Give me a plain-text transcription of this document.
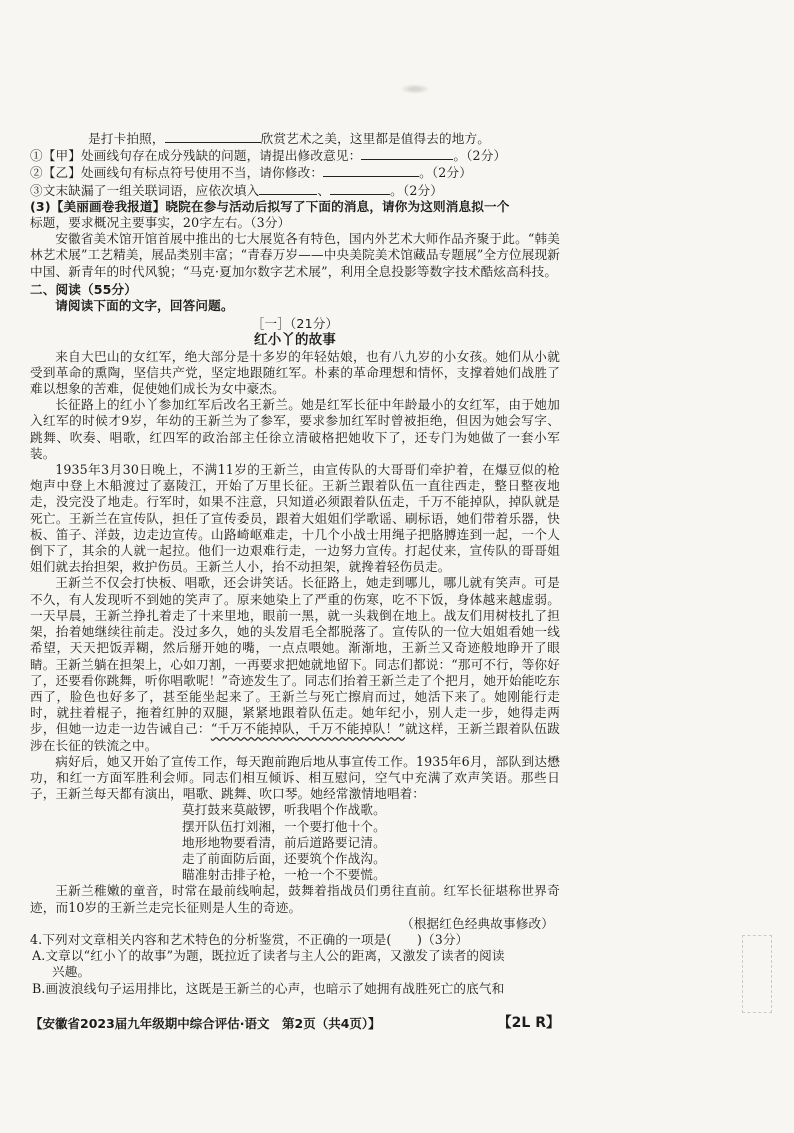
是打卡拍照，	欣赏艺术之美，这里都是值得去的地方。
①【甲】处画线句存在成分残缺的问题，请提出修改意见：	。（2分）
②【乙】处画线句有标点符号使用不当，请你修改：	。（2分）
③文末缺漏了一组关联词语，应依次填入	、	。（2分）
(3)【美丽画卷我报道】晓院在参与活动后拟写了下面的消息，请你为这则消息拟一个
标题，要求概况主要事实，20字左右。（3分）

安徽省美术馆开馆首展中推出的七大展览各有特色，国内外艺术大师作品齐聚于此。“韩美林艺术展”工艺精美，展品类别丰富；“青春万岁——中央美院美术馆藏品专题展”全方位展现新中国、新青年的时代风貌；“马克·夏加尔数字艺术展”，利用全息投影等数字技术酷炫高科技。

二、阅读（55分）
请阅读下面的文字，回答问题。
［一］（21分）
红小丫的故事

来自大巴山的女红军，绝大部分是十多岁的年轻姑娘，也有八九岁的小女孩。她们从小就受到革命的熏陶，坚信共产党，坚定地跟随红军。朴素的革命理想和情怀，支撑着她们战胜了难以想象的苦难，促使她们成长为女中豪杰。

长征路上的红小丫参加红军后改名王新兰。她是红军长征中年龄最小的女红军，由于她加入红军的时候才9岁，年幼的王新兰为了参军，要求参加红军时曾被拒绝，但因为她会写字、跳舞、吹奏、唱歌，红四军的政治部主任徐立清破格把她收下了，还专门为她做了一套小军装。

1935年3月30日晚上，不满11岁的王新兰，由宣传队的大哥哥们牵护着，在爆豆似的枪炮声中登上木船渡过了嘉陵江，开始了万里长征。王新兰跟着队伍一直往西走，整日整夜地走，没完没了地走。行军时，如果不注意，只知道必须跟着队伍走，千万不能掉队，掉队就是死亡。王新兰在宣传队，担任了宣传委员，跟着大姐姐们学歌谣、刷标语，她们带着乐器，快板、笛子、洋鼓，边走边宣传。山路崎岖难走，十几个小战士用绳子把胳膊连到一起，一个人倒下了，其余的人就一起拉。他们一边艰难行走，一边努力宣传。打起仗来，宣传队的哥哥姐姐们就去抬担架，救护伤员。王新兰人小，抬不动担架，就搀着轻伤员走。

王新兰不仅会打快板、唱歌，还会讲笑话。长征路上，她走到哪儿，哪儿就有笑声。可是不久，有人发现听不到她的笑声了。原来她染上了严重的伤寒，吃不下饭，身体越来越虚弱。一天早晨，王新兰挣扎着走了十来里地，眼前一黑，就一头栽倒在地上。战友们用树枝扎了担架，抬着她继续往前走。没过多久，她的头发眉毛全都脱落了。宣传队的一位大姐姐看她一线希望，天天把饭弄糊，然后掰开她的嘴，一点点喂她。渐渐地，王新兰又奇迹般地睁开了眼睛。王新兰躺在担架上，心如刀割，一再要求把她就地留下。同志们都说：“那可不行，等你好了，还要看你跳舞，听你唱歌呢！”奇迹发生了。同志们抬着王新兰走了个把月，她开始能吃东西了，脸色也好多了，甚至能坐起来了。王新兰与死亡擦肩而过，她活下来了。她刚能行走时，就拄着棍子，拖着红肿的双腿，紧紧地跟着队伍走。她年纪小，别人走一步，她得走两步，但她一边走一边告诫自己：“千万不能掉队，千万不能掉队！”就这样，王新兰跟着队伍跋涉在长征的铁流之中。

病好后，她又开始了宣传工作，每天跑前跑后地从事宣传工作。1935年6月，部队到达懋功，和红一方面军胜利会师。同志们相互倾诉、相互慰问，空气中充满了欢声笑语。那些日子，王新兰每天都有演出，唱歌、跳舞、吹口琴。她经常激情地唱着：

莫打鼓来莫敲锣，听我唱个作战歌。
摆开队伍打刘湘，一个要打他十个。
地形地物要看清，前后道路要记清。
走了前面防后面，还要筑个作战沟。
瞄准射击排子枪，一枪一个不要慌。

王新兰稚嫩的童音，时常在最前线响起，鼓舞着指战员们勇往直前。红军长征堪称世界奇迹，而10岁的王新兰走完长征则是人生的奇迹。

（根据红色经典故事修改）
4.下列对文章相关内容和艺术特色的分析鉴赏，不正确的一项是(　　)（3分）
A.文章以“红小丫的故事”为题，既拉近了读者与主人公的距离，又激发了读者的阅读
兴趣。
B.画波浪线句子运用排比，这既是王新兰的心声，也暗示了她拥有战胜死亡的底气和
【安徽省2023届九年级期中综合评估·语文　第2页（共4页）】	【2L R】
